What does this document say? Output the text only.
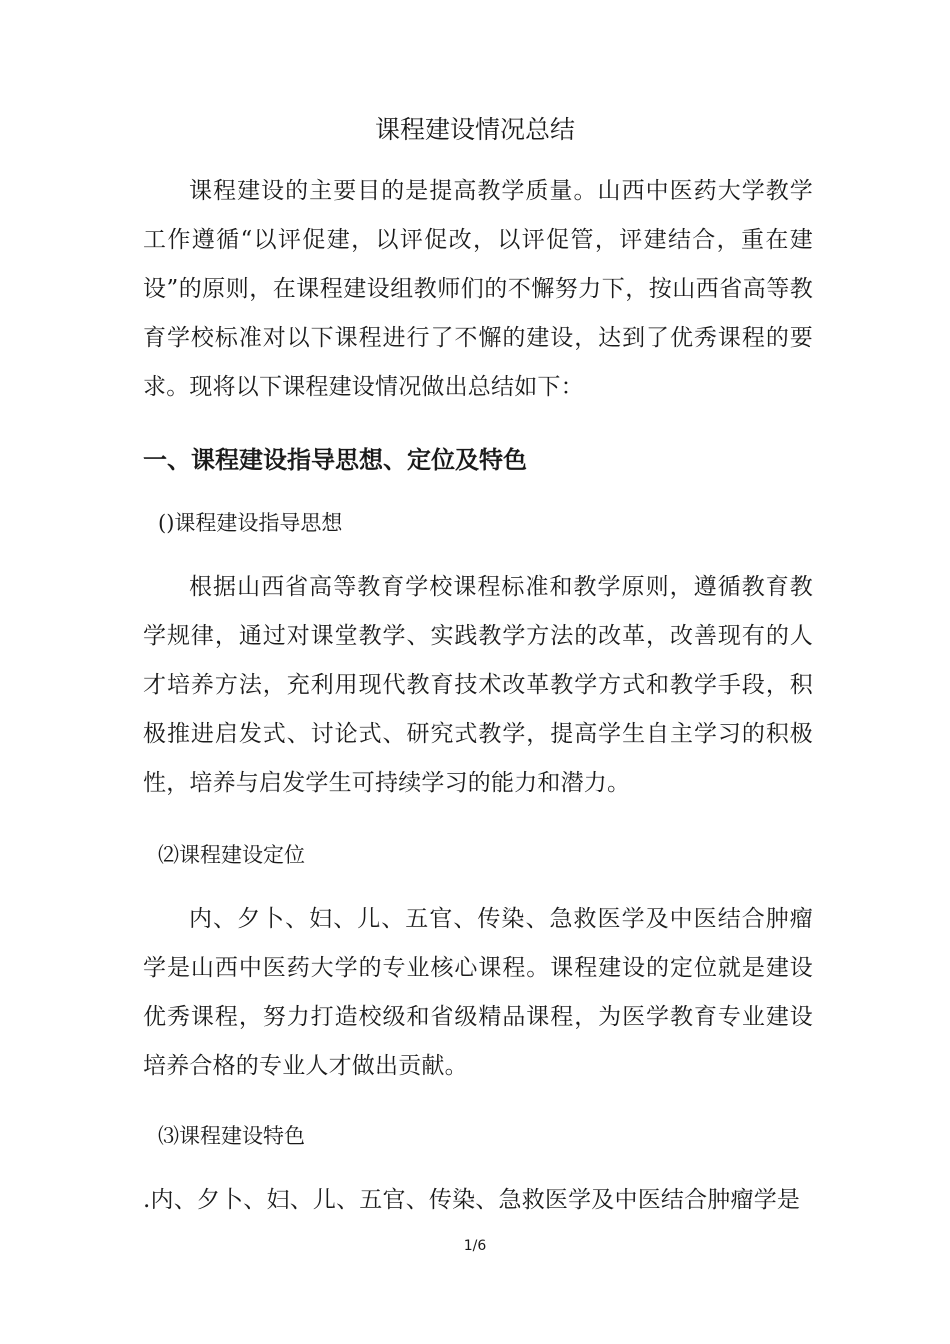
课程建设情况总结

课程建设的主要目的是提高教学质量。山西中医药大学教学工作遵循“以评促建，以评促改，以评促管，评建结合，重在建设”的原则，在课程建设组教师们的不懈努力下，按山西省高等教育学校标准对以下课程进行了不懈的建设，达到了优秀课程的要求。现将以下课程建设情况做出总结如下：

一、课程建设指导思想、定位及特色

()课程建设指导思想

根据山西省高等教育学校课程标准和教学原则，遵循教育教学规律，通过对课堂教学、实践教学方法的改革，改善现有的人才培养方法，充利用现代教育技术改革教学方式和教学手段，积极推进启发式、讨论式、研究式教学，提高学生自主学习的积极性，培养与启发学生可持续学习的能力和潜力。

⑵课程建设定位

内、夕卜、妇、儿、五官、传染、急救医学及中医结合肿瘤学是山西中医药大学的专业核心课程。课程建设的定位就是建设优秀课程，努力打造校级和省级精品课程，为医学教育专业建设培养合格的专业人才做出贡献。

⑶课程建设特色

.内、夕卜、妇、儿、五官、传染、急救医学及中医结合肿瘤学是

1/6
